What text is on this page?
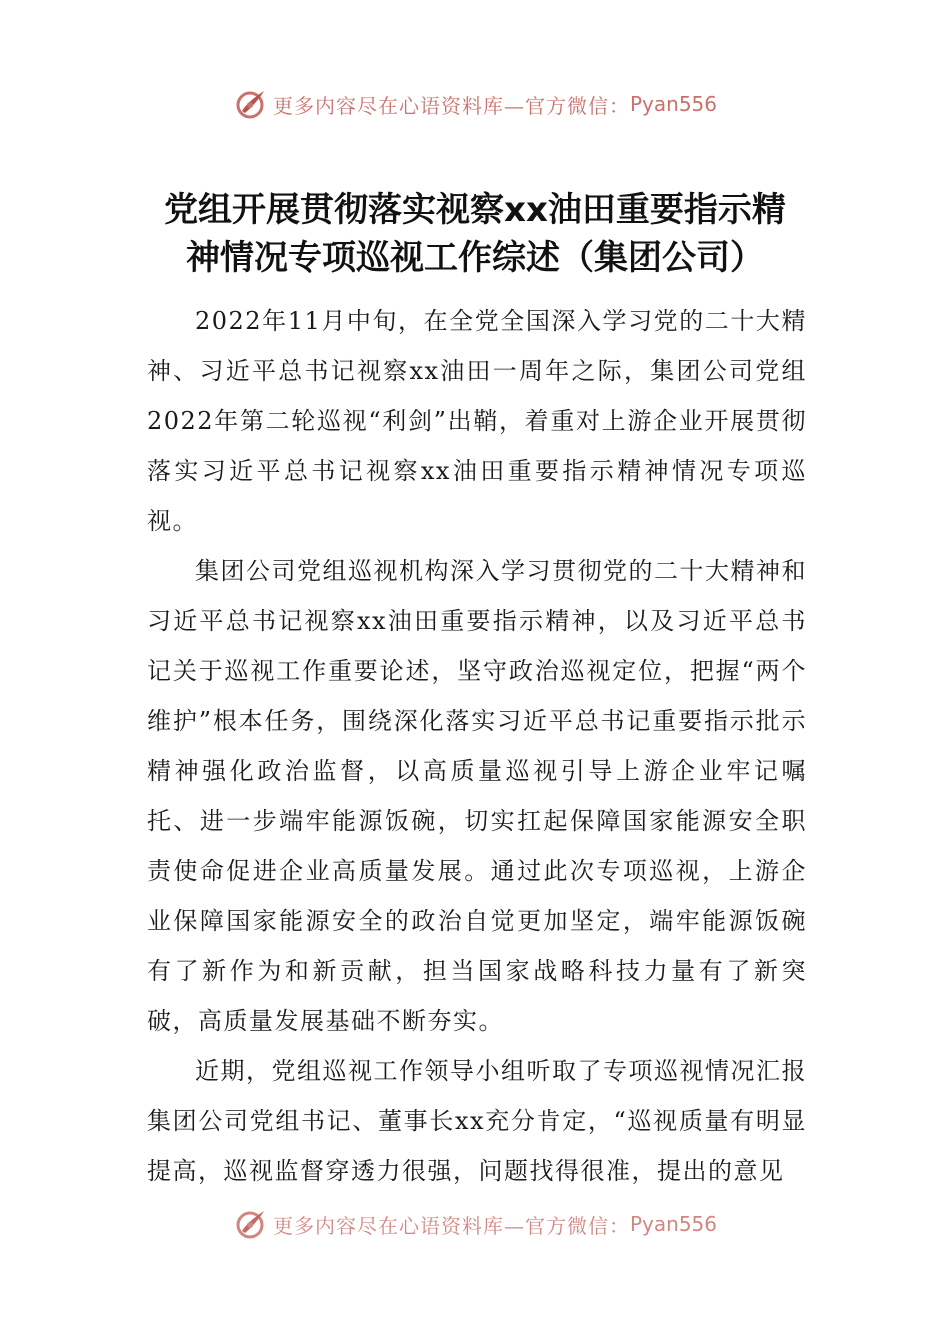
更多内容尽在心语资料库—官方微信： Pyan556
党组开展贯彻落实视察xx油田重要指示精
神情况专项巡视工作综述（集团公司）

2022年11月中旬，在全党全国深入学习党的二十大精神、习近平总书记视察xx油田一周年之际，集团公司党组2022年第二轮巡视“利剑”出鞘，着重对上游企业开展贯彻落实习近平总书记视察xx油田重要指示精神情况专项巡视。

集团公司党组巡视机构深入学习贯彻党的二十大精神和习近平总书记视察xx油田重要指示精神，以及习近平总书记关于巡视工作重要论述，坚守政治巡视定位，把握“两个维护”根本任务，围绕深化落实习近平总书记重要指示批示精神强化政治监督，以高质量巡视引导上游企业牢记嘱托、进一步端牢能源饭碗，切实扛起保障国家能源安全职责使命促进企业高质量发展。通过此次专项巡视，上游企业保障国家能源安全的政治自觉更加坚定，端牢能源饭碗有了新作为和新贡献，担当国家战略科技力量有了新突破，高质量发展基础不断夯实。

近期，党组巡视工作领导小组听取了专项巡视情况汇报集团公司党组书记、董事长xx充分肯定，“巡视质量有明显提高，巡视监督穿透力很强，问题找得很准，提出的意见

更多内容尽在心语资料库—官方微信： Pyan556
